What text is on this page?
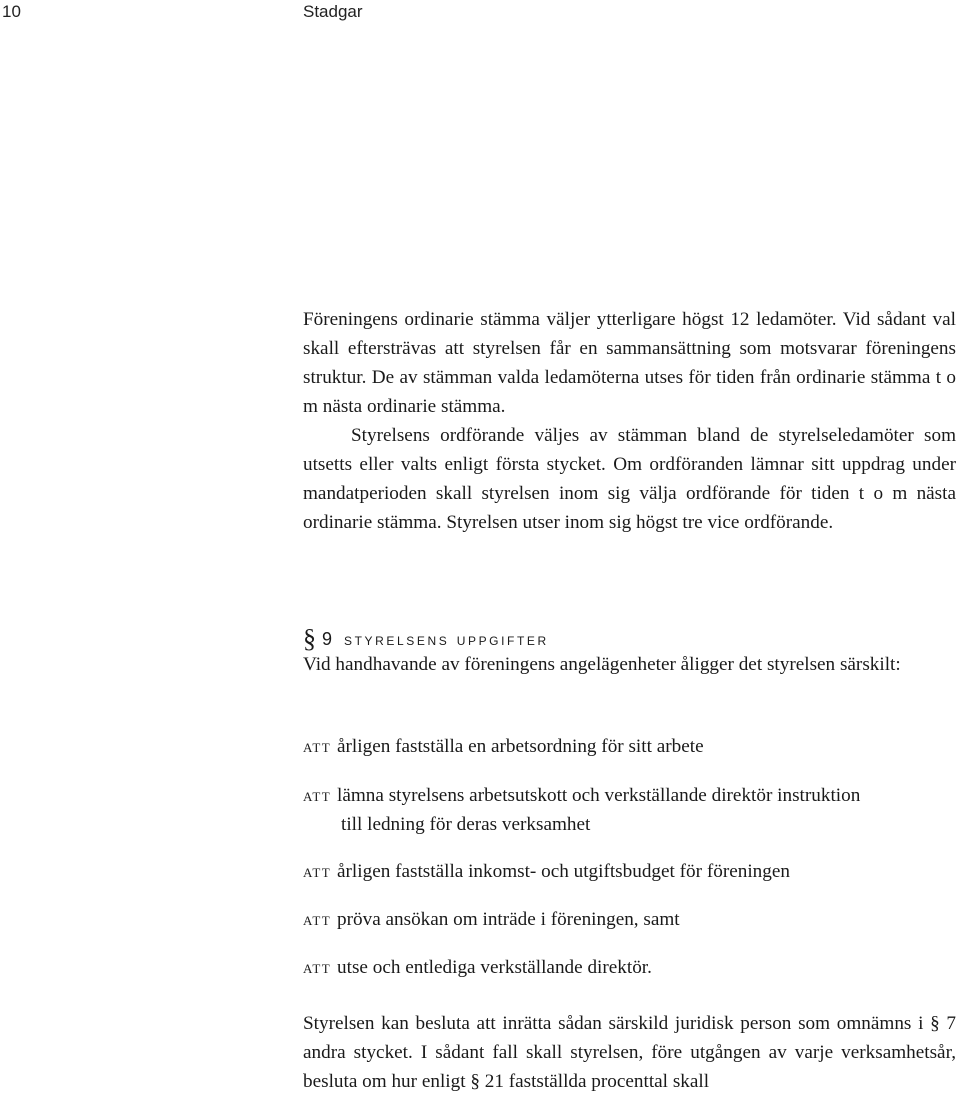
10	Stadgar

Föreningens ordinarie stämma väljer ytterligare högst 12 ledamöter. Vid sådant val skall eftersträvas att styrelsen får en sammansättning som motsvarar föreningens struktur. De av stämman valda ledamöterna utses för tiden från ordinarie stämma t o m nästa ordinarie stämma.

Styrelsens ordförande väljes av stämman bland de styrelseledamöter som utsetts eller valts enligt första stycket. Om ordföranden lämnar sitt uppdrag under mandatperioden skall styrelsen inom sig välja ordförande för tiden t o m nästa ordinarie stämma. Styrelsen utser inom sig högst tre vice ordförande.

§ 9 styrelsens uppgifter

Vid handhavande av föreningens angelägenheter åligger det styrelsen särskilt:

att årligen fastställa en arbetsordning för sitt arbete
att lämna styrelsens arbetsutskott och verkställande direktör instruktion
till ledning för deras verksamhet
att årligen fastställa inkomst- och utgiftsbudget för föreningen
att pröva ansökan om inträde i föreningen, samt
att utse och entlediga verkställande direktör.

Styrelsen kan besluta att inrätta sådan särskild juridisk person som omnämns i § 7 andra stycket. I sådant fall skall styrelsen, före utgången av varje verksamhetsår, besluta om hur enligt § 21 fastställda procenttal skall
